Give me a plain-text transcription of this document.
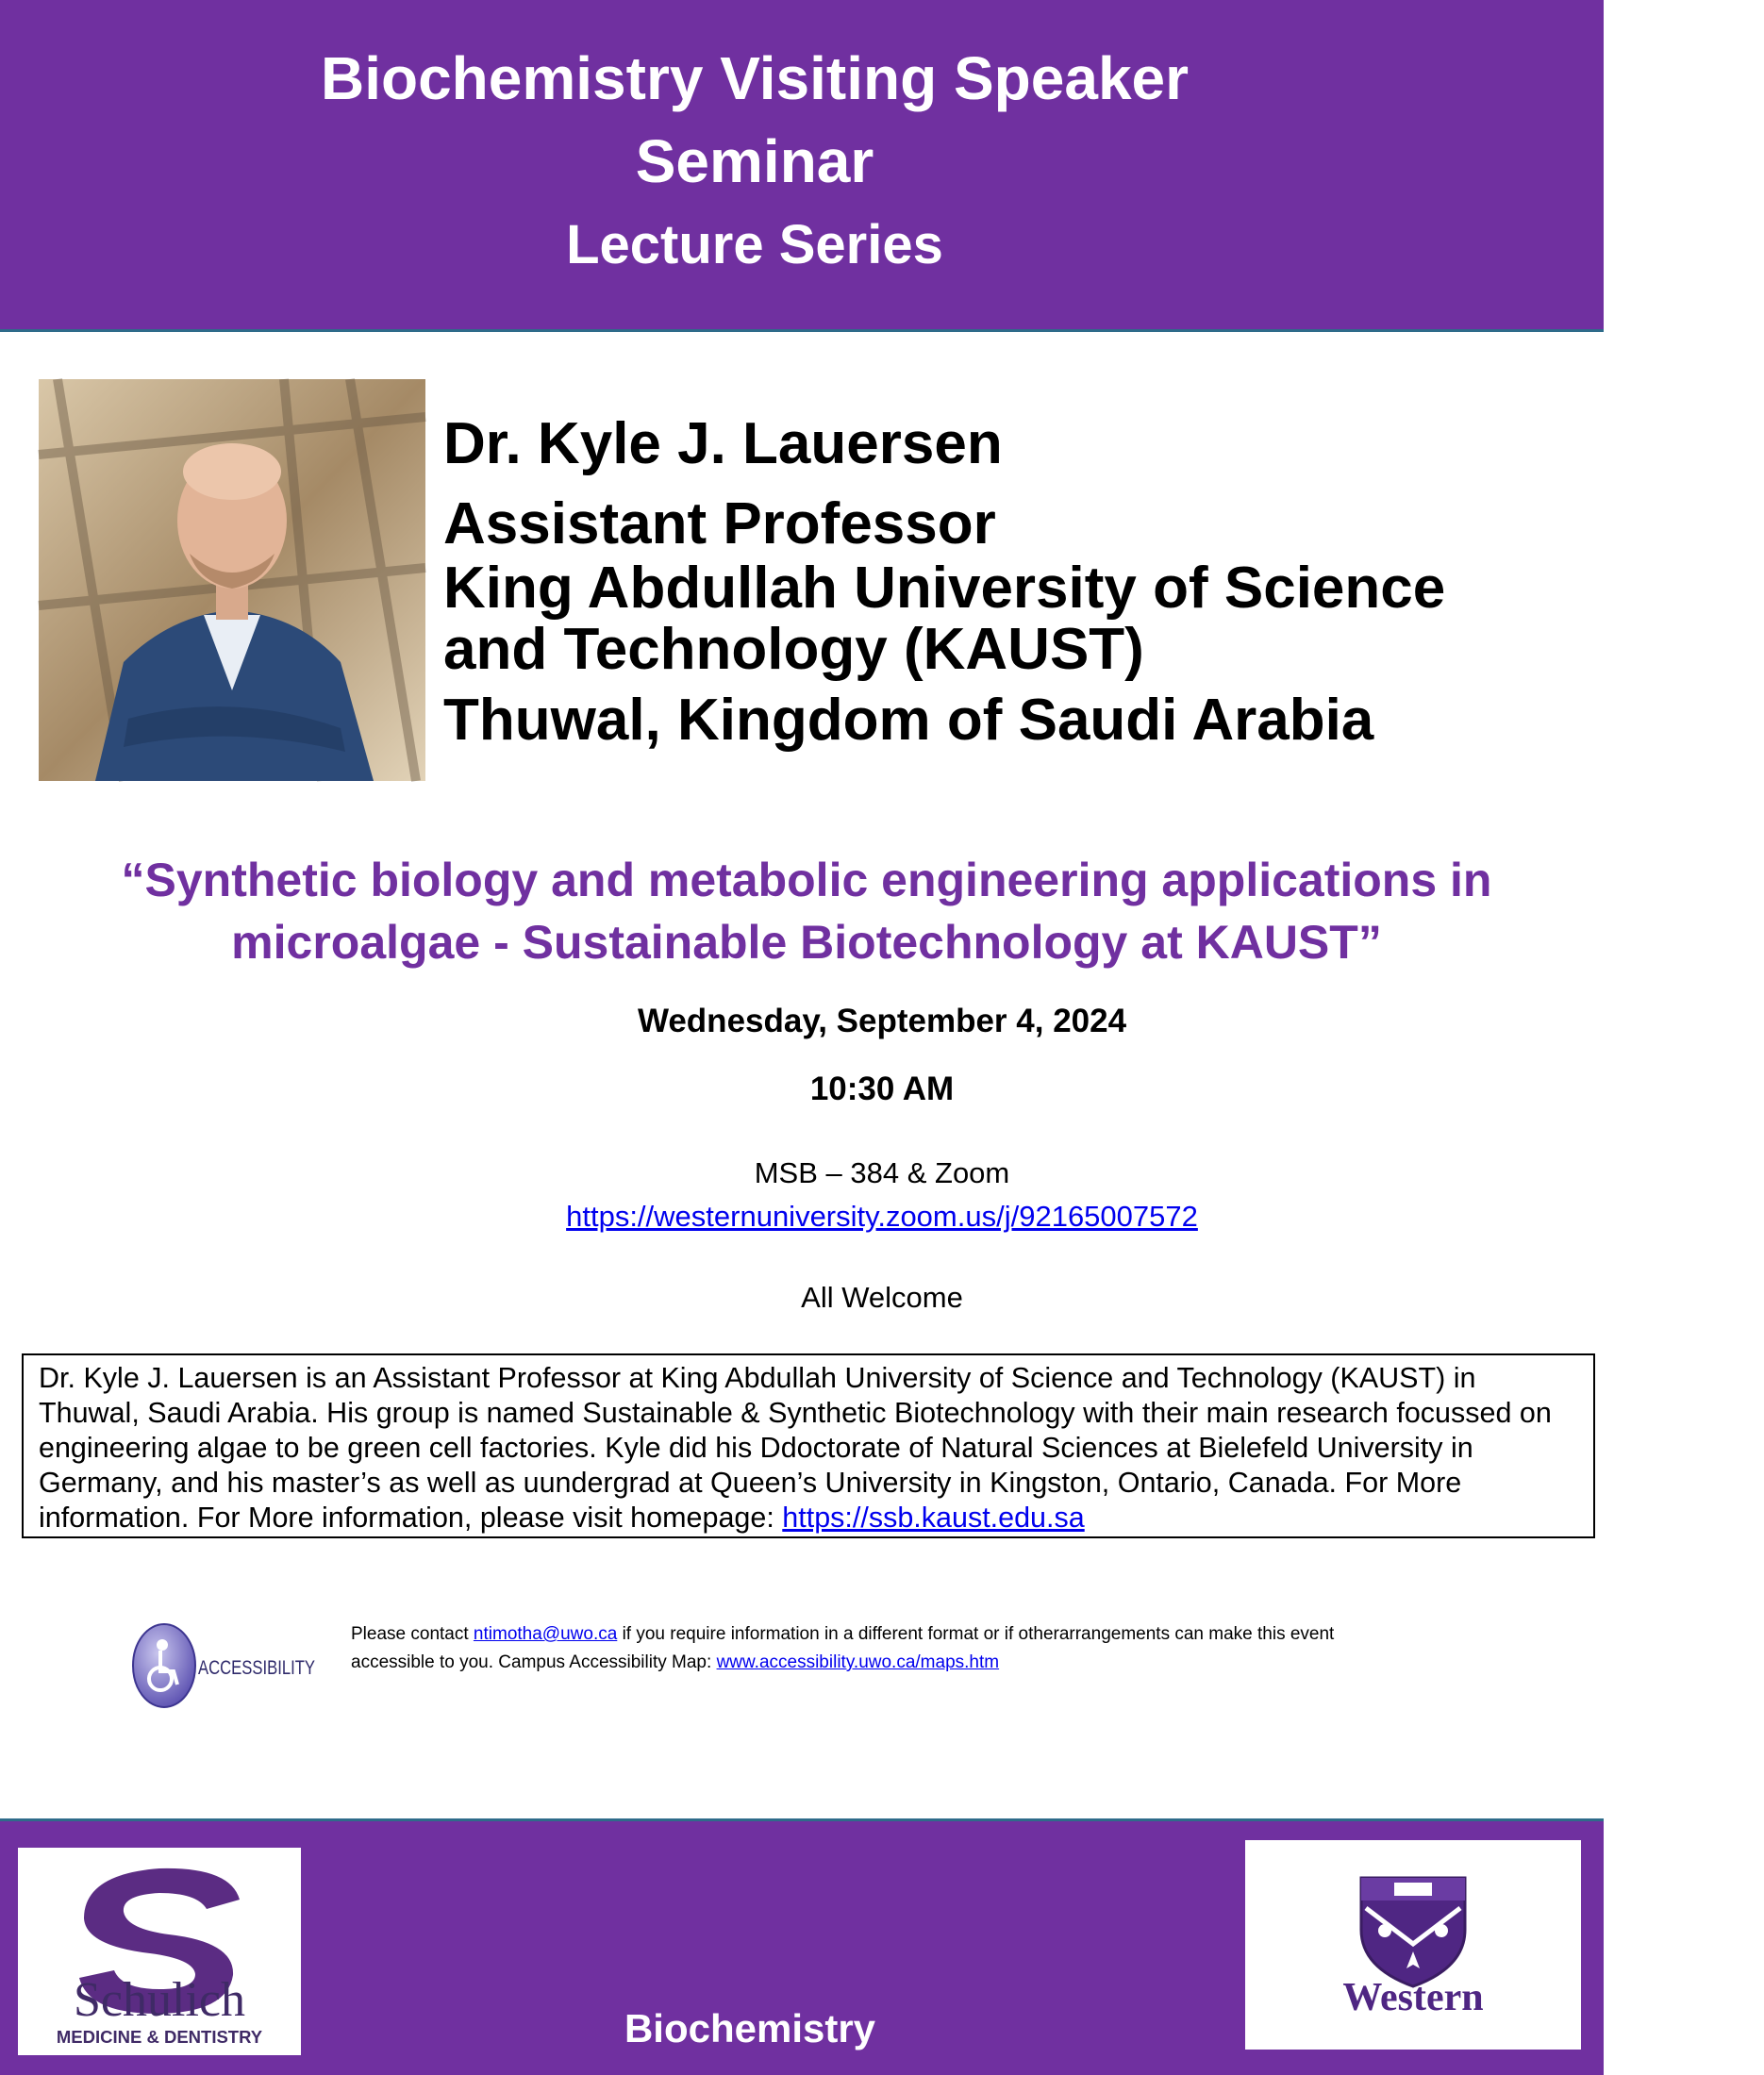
Biochemistry Visiting Speaker
Seminar
Lecture Series
Dr. Kyle J. Lauersen
Assistant Professor
King Abdullah University of Science
and Technology (KAUST)
Thuwal, Kingdom of Saudi Arabia
“Synthetic biology and metabolic engineering applications in
microalgae - Sustainable Biotechnology at KAUST”
Wednesday, September 4, 2024
10:30 AM
MSB – 384 & Zoom
https://westernuniversity.zoom.us/j/92165007572
All Welcome
Dr. Kyle J. Lauersen is an Assistant Professor at King Abdullah University of Science and Technology (KAUST) in Thuwal, Saudi Arabia. His group is named Sustainable & Synthetic Biotechnology with their main research focussed on engineering algae to be green cell factories. Kyle did his Ddoctorate of Natural Sciences at Bielefeld University in Germany, and his master’s as well as uundergrad at Queen’s University in Kingston, Ontario, Canada. For More information. For More information, please visit homepage: https://ssb.kaust.edu.sa
ACCESSIBILITY
Please contact ntimotha@uwo.ca if you require information in a different format or if otherarrangements can make this event accessible to you. Campus Accessibility Map: www.accessibility.uwo.ca/maps.htm
Schulich
MEDICINE & DENTISTRY	Biochemistry
Western
